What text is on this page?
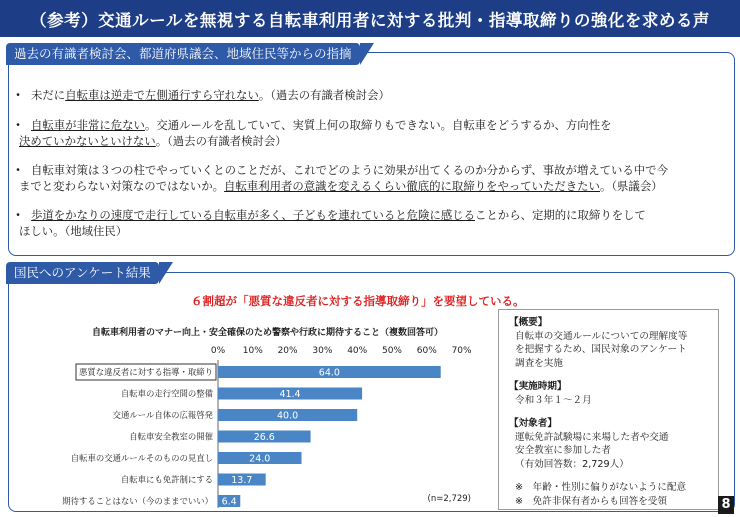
（参考）交通ルールを無視する自転車利用者に対する批判・指導取締りの強化を求める声
過去の有識者検討会、都道府県議会、地域住民等からの指摘
・ 未だに自転車は逆走で左側通行すら守れない。（過去の有識者検討会）
・ 自転車が非常に危ない。交通ルールを乱していて、実質上何の取締りもできない。自転車をどうするか、方向性を
決めていかないといけない。（過去の有識者検討会）
・ 自転車対策は３つの柱でやっていくとのことだが、これでどのように効果が出てくるのか分からず、事故が増えている中で今
までと変わらない対策なのではないか。自転車利用者の意識を変えるくらい徹底的に取締りをやっていただきたい。（県議会）
・ 歩道をかなりの速度で走行している自転車が多く、子どもを連れていると危険に感じることから、定期的に取締りをして
ほしい。（地域住民）
国民へのアンケート結果
６割超が「悪質な違反者に対する指導取締り」を要望している。
自転車利用者のマナー向上・安全確保のため警察や行政に期待すること（複数回答可）
0% 10% 20% 30% 40% 50% 60% 70%
悪質な違反者に対する指導・取締り	64.0
自転車の走行空間の整備	41.4
交通ルール自体の広報啓発	40.0
自転車安全教室の開催	26.6
自転車の交通ルールそのものの見直し	24.0
自転車にも免許制にする 13.7
期待することはない（今のままでいい） 6.4	(n=2,729)
【概要】
自転車の交通ルールについての理解度等
を把握するため、国民対象のアンケート
調査を実施
【実施時期】
令和３年１～２月
【対象者】
運転免許試験場に来場した者や交通
安全教室に参加した者
（有効回答数：2,729人）
※　年齢・性別に偏りがないように配意
※　免許非保有者からも回答を受領	8
